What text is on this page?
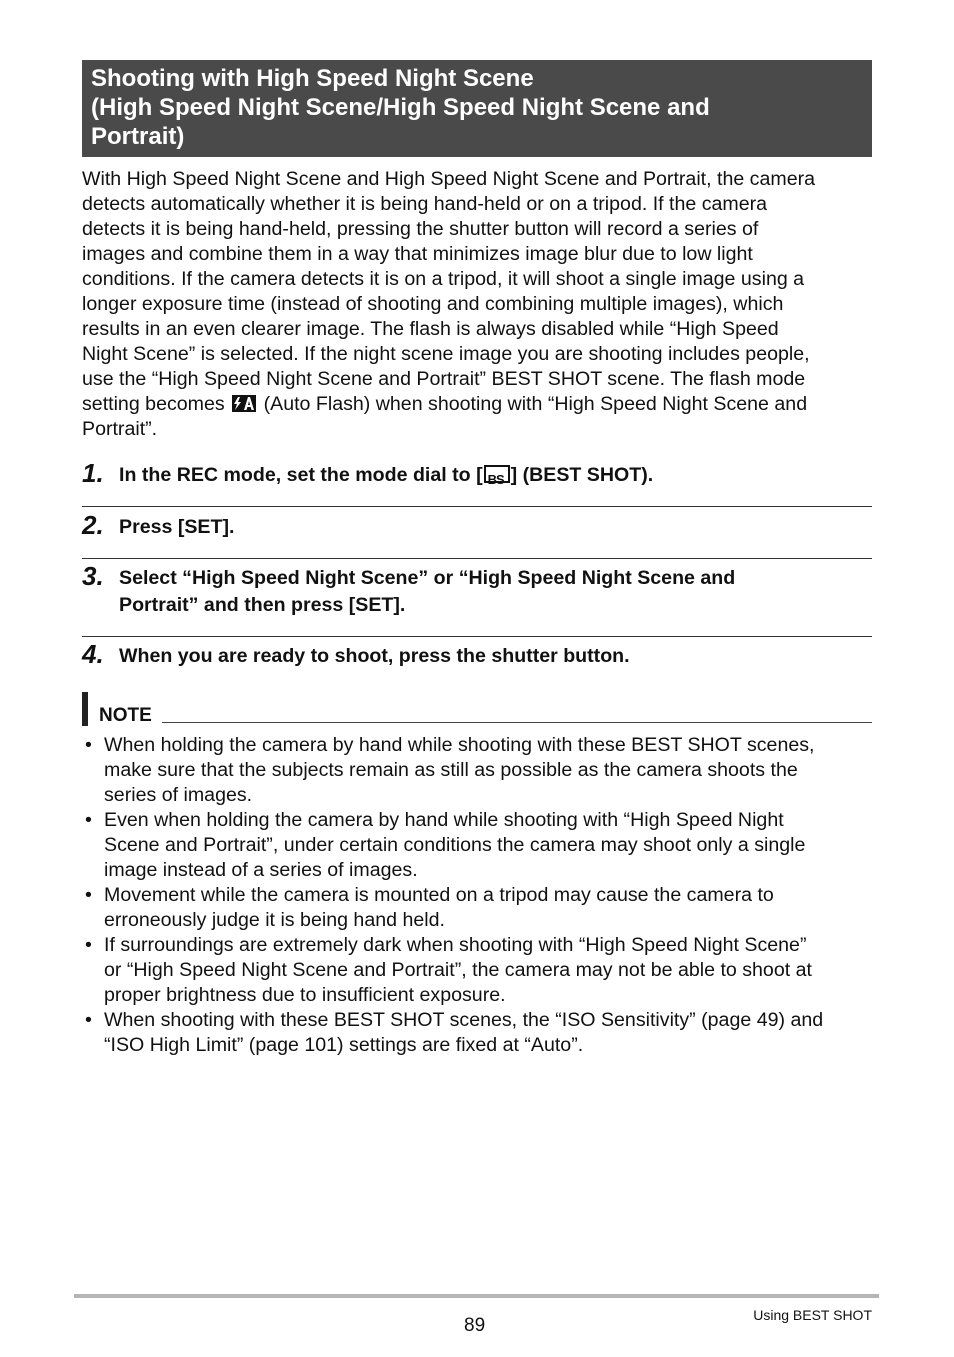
Shooting with High Speed Night Scene
(High Speed Night Scene/High Speed Night Scene and
Portrait)

With High Speed Night Scene and High Speed Night Scene and Portrait, the camera
detects automatically whether it is being hand-held or on a tripod. If the camera
detects it is being hand-held, pressing the shutter button will record a series of
images and combine them in a way that minimizes image blur due to low light
conditions. If the camera detects it is on a tripod, it will shoot a single image using a
longer exposure time (instead of shooting and combining multiple images), which
results in an even clearer image. The flash is always disabled while “High Speed
Night Scene” is selected. If the night scene image you are shooting includes people,
use the “High Speed Night Scene and Portrait” BEST SHOT scene. The flash mode
setting becomes (Auto Flash) when shooting with “High Speed Night Scene and
Portrait”.

1. In the REC mode, set the mode dial to [ BS ] (BEST SHOT).
2. Press [SET].
3. Select “High Speed Night Scene” or “High Speed Night Scene and
Portrait” and then press [SET].
4. When you are ready to shoot, press the shutter button.
NOTE
• When holding the camera by hand while shooting with these BEST SHOT scenes,
make sure that the subjects remain as still as possible as the camera shoots the
series of images.
• Even when holding the camera by hand while shooting with “High Speed Night
Scene and Portrait”, under certain conditions the camera may shoot only a single
image instead of a series of images.
• Movement while the camera is mounted on a tripod may cause the camera to
erroneously judge it is being hand held.
• If surroundings are extremely dark when shooting with “High Speed Night Scene”
or “High Speed Night Scene and Portrait”, the camera may not be able to shoot at
proper brightness due to insufficient exposure.
• When shooting with these BEST SHOT scenes, the “ISO Sensitivity” (page 49) and
“ISO High Limit” (page 101) settings are fixed at “Auto”.
89	Using BEST SHOT
